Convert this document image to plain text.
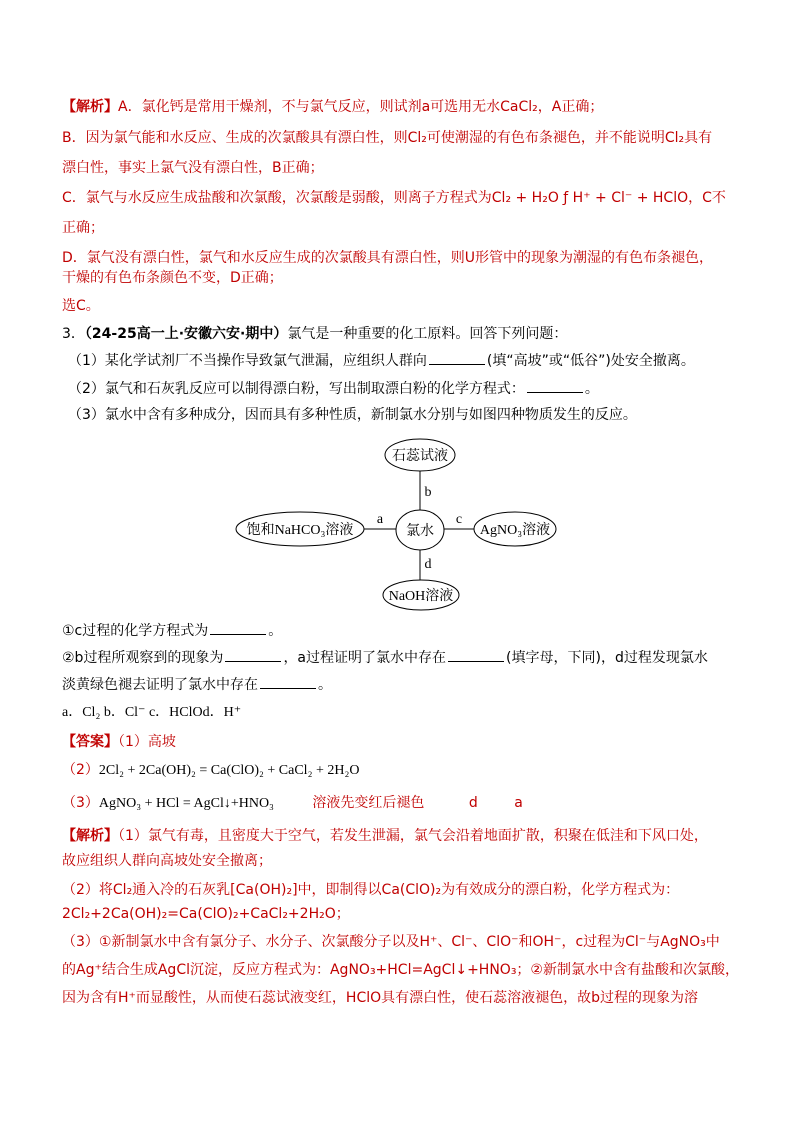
【解析】A．氯化钙是常用干燥剂，不与氯气反应，则试剂a可选用无水CaCl₂，A正确；
B．因为氯气能和水反应、生成的次氯酸具有漂白性，则Cl₂可使潮湿的有色布条褪色，并不能说明Cl₂具有
漂白性，事实上氯气没有漂白性，B正确；
C．氯气与水反应生成盐酸和次氯酸，次氯酸是弱酸，则离子方程式为Cl₂ + H₂O ƒ H⁺ + Cl⁻ + HClO，C不
正确；
D．氯气没有漂白性，氯气和水反应生成的次氯酸具有漂白性，则U形管中的现象为潮湿的有色布条褪色，
干燥的有色布条颜色不变，D正确；
选C。
3．（24-25高一上·安徽六安·期中）氯气是一种重要的化工原料。回答下列问题：
（1）某化学试剂厂不当操作导致氯气泄漏，应组织人群向	(填“高坡”或“低谷”)处安全撤离。
（2）氯气和石灰乳反应可以制得漂白粉，写出制取漂白粉的化学方程式：	。
（3）氯水中含有多种成分，因而具有多种性质，新制氯水分别与如图四种物质发生的反应。
氯水
石蕊试液
饱和NaHCO₃溶液	AgNO₃溶液
NaOH溶液
a
b
c
d
①c过程的化学方程式为	。
②b过程所观察到的现象为	，a过程证明了氯水中存在	(填字母，下同)，d过程发现氯水
淡黄绿色褪去证明了氯水中存在	。
a．Cl₂ b．Cl⁻ c．HClOd．H⁺
【答案】（1）高坡
（2）2Cl₂ + 2Ca(OH)₂ = Ca(ClO)₂ + CaCl₂ + 2H₂O
（3）AgNO₃ + HCl = AgCl↓+HNO₃	溶液先变红后褪色	d	a
【解析】（1）氯气有毒，且密度大于空气，若发生泄漏，氯气会沿着地面扩散，积聚在低洼和下风口处，
故应组织人群向高坡处安全撤离；
（2）将Cl₂通入冷的石灰乳[Ca(OH)₂]中，即制得以Ca(ClO)₂为有效成分的漂白粉，化学方程式为：
2Cl₂+2Ca(OH)₂=Ca(ClO)₂+CaCl₂+2H₂O；
（3）①新制氯水中含有氯分子、水分子、次氯酸分子以及H⁺、Cl⁻、ClO⁻和OH⁻，c过程为Cl⁻与AgNO₃中
的Ag⁺结合生成AgCl沉淀，反应方程式为：AgNO₃+HCl=AgCl↓+HNO₃；②新制氯水中含有盐酸和次氯酸，
因为含有H⁺而显酸性，从而使石蕊试液变红，HClO具有漂白性，使石蕊溶液褪色，故b过程的现象为溶
